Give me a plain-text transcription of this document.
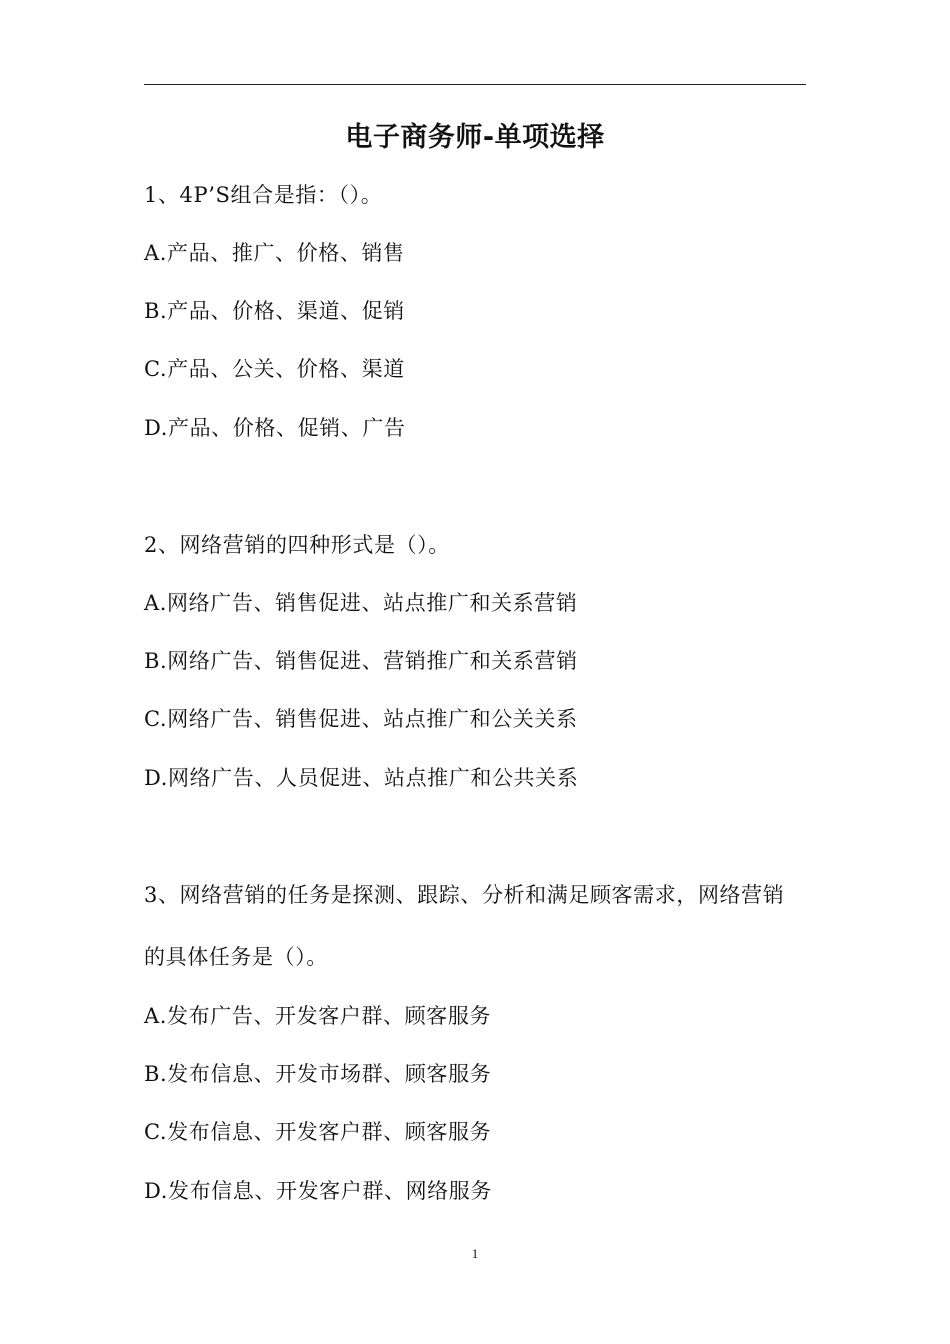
电子商务师-单项选择
1、4P’S组合是指：（）。
A.产品、推广、价格、销售
B.产品、价格、渠道、促销
C.产品、公关、价格、渠道
D.产品、价格、促销、广告
2、网络营销的四种形式是（）。
A.网络广告、销售促进、站点推广和关系营销
B.网络广告、销售促进、营销推广和关系营销
C.网络广告、销售促进、站点推广和公关关系
D.网络广告、人员促进、站点推广和公共关系
3、网络营销的任务是探测、跟踪、分析和满足顾客需求，网络营销
的具体任务是（）。
A.发布广告、开发客户群、顾客服务
B.发布信息、开发市场群、顾客服务
C.发布信息、开发客户群、顾客服务
D.发布信息、开发客户群、网络服务
1
